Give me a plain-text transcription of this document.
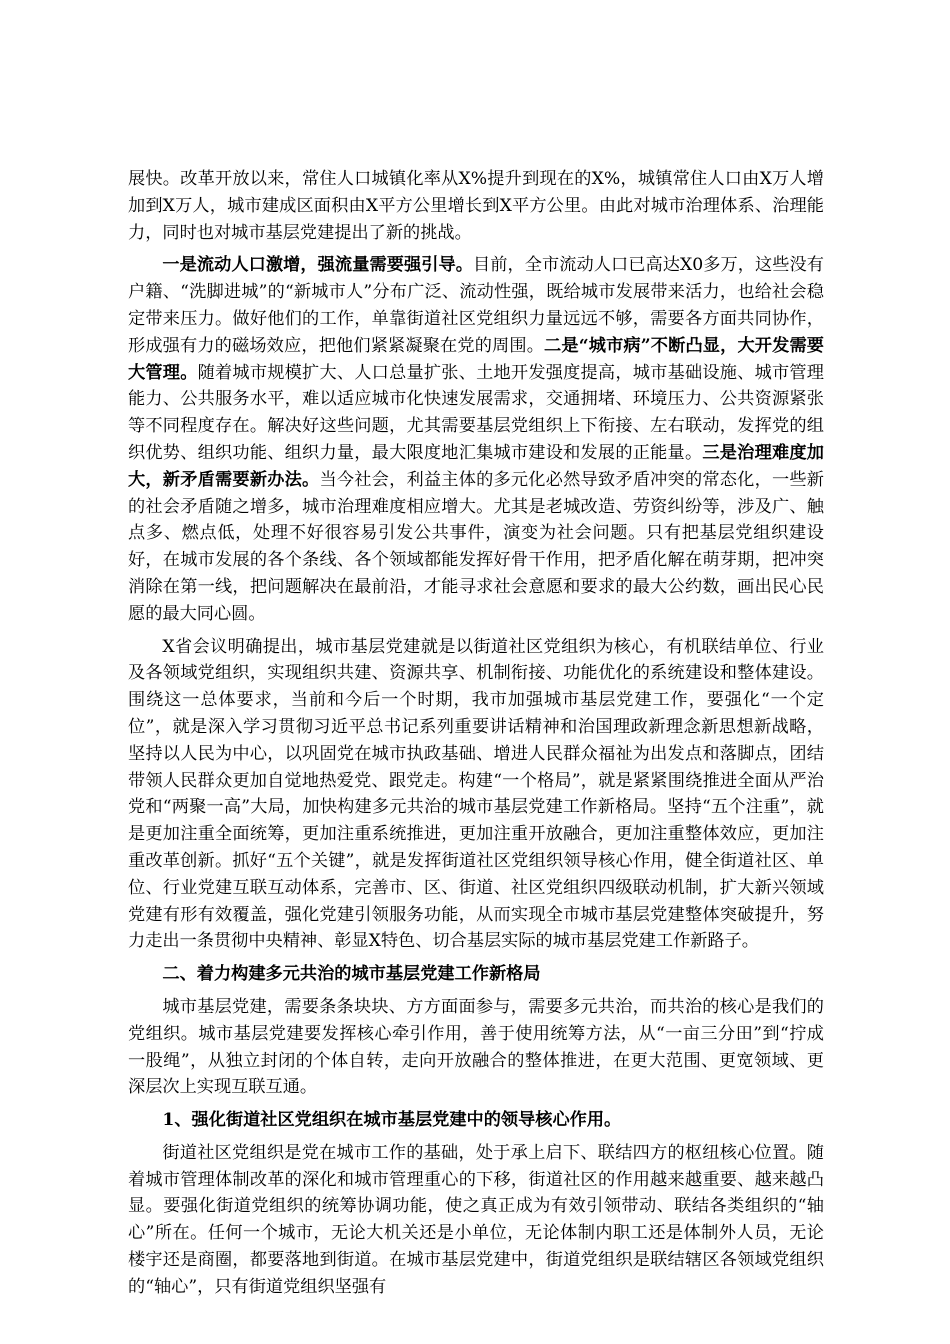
展快。改革开放以来，常住人口城镇化率从X%提升到现在的X%，城镇常住人口由X万人增加到X万人，城市建成区面积由X平方公里增长到X平方公里。由此对城市治理体系、治理能力，同时也对城市基层党建提出了新的挑战。

一是流动人口激增，强流量需要强引导。目前，全市流动人口已高达X0多万，这些没有户籍、“洗脚进城”的“新城市人”分布广泛、流动性强，既给城市发展带来活力，也给社会稳定带来压力。做好他们的工作，单靠街道社区党组织力量远远不够，需要各方面共同协作，形成强有力的磁场效应，把他们紧紧凝聚在党的周围。二是“城市病”不断凸显，大开发需要大管理。随着城市规模扩大、人口总量扩张、土地开发强度提高，城市基础设施、城市管理能力、公共服务水平，难以适应城市化快速发展需求，交通拥堵、环境压力、公共资源紧张等不同程度存在。解决好这些问题，尤其需要基层党组织上下衔接、左右联动，发挥党的组织优势、组织功能、组织力量，最大限度地汇集城市建设和发展的正能量。三是治理难度加大，新矛盾需要新办法。当今社会，利益主体的多元化必然导致矛盾冲突的常态化，一些新的社会矛盾随之增多，城市治理难度相应增大。尤其是老城改造、劳资纠纷等，涉及广、触点多、燃点低，处理不好很容易引发公共事件，演变为社会问题。只有把基层党组织建设好，在城市发展的各个条线、各个领域都能发挥好骨干作用，把矛盾化解在萌芽期，把冲突消除在第一线，把问题解决在最前沿，才能寻求社会意愿和要求的最大公约数，画出民心民愿的最大同心圆。

X省会议明确提出，城市基层党建就是以街道社区党组织为核心，有机联结单位、行业及各领域党组织，实现组织共建、资源共享、机制衔接、功能优化的系统建设和整体建设。围绕这一总体要求，当前和今后一个时期，我市加强城市基层党建工作，要强化“一个定位”，就是深入学习贯彻习近平总书记系列重要讲话精神和治国理政新理念新思想新战略，坚持以人民为中心，以巩固党在城市执政基础、增进人民群众福祉为出发点和落脚点，团结带领人民群众更加自觉地热爱党、跟党走。构建“一个格局”，就是紧紧围绕推进全面从严治党和“两聚一高”大局，加快构建多元共治的城市基层党建工作新格局。坚持“五个注重”，就是更加注重全面统筹，更加注重系统推进，更加注重开放融合，更加注重整体效应，更加注重改革创新。抓好“五个关键”，就是发挥街道社区党组织领导核心作用，健全街道社区、单位、行业党建互联互动体系，完善市、区、街道、社区党组织四级联动机制，扩大新兴领域党建有形有效覆盖，强化党建引领服务功能，从而实现全市城市基层党建整体突破提升，努力走出一条贯彻中央精神、彰显X特色、切合基层实际的城市基层党建工作新路子。

二、着力构建多元共治的城市基层党建工作新格局

城市基层党建，需要条条块块、方方面面参与，需要多元共治，而共治的核心是我们的党组织。城市基层党建要发挥核心牵引作用，善于使用统筹方法，从“一亩三分田”到“拧成一股绳”，从独立封闭的个体自转，走向开放融合的整体推进，在更大范围、更宽领域、更深层次上实现互联互通。

1、强化街道社区党组织在城市基层党建中的领导核心作用。

街道社区党组织是党在城市工作的基础，处于承上启下、联结四方的枢纽核心位置。随着城市管理体制改革的深化和城市管理重心的下移，街道社区的作用越来越重要、越来越凸显。要强化街道党组织的统筹协调功能，使之真正成为有效引领带动、联结各类组织的“轴心”所在。任何一个城市，无论大机关还是小单位，无论体制内职工还是体制外人员，无论楼宇还是商圈，都要落地到街道。在城市基层党建中，街道党组织是联结辖区各领域党组织的“轴心”，只有街道党组织坚强有
